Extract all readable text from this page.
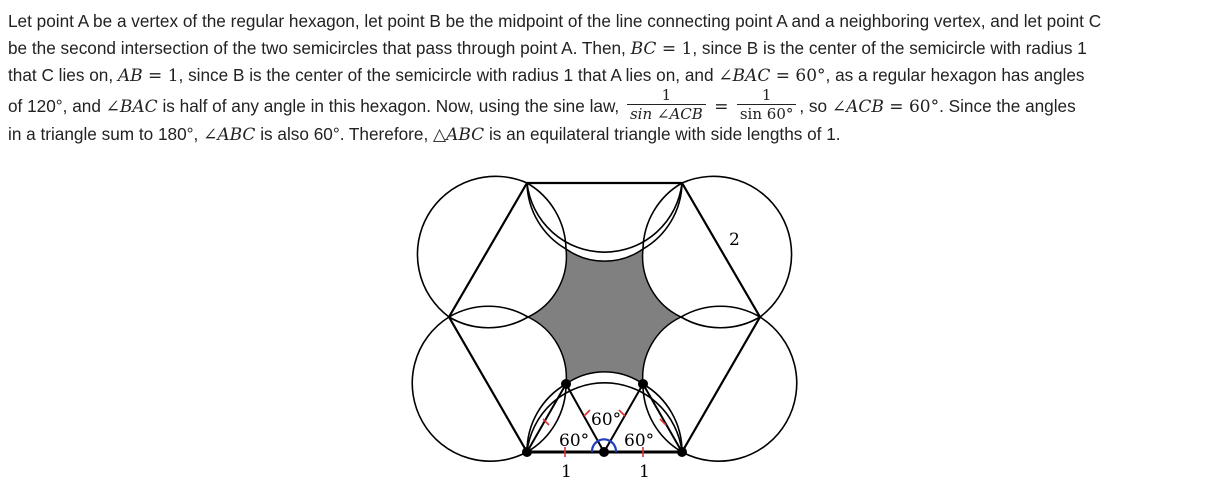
Let point A be a vertex of the regular hexagon, let point B be the midpoint of the line connecting point A and a neighboring vertex, and let point C
be the second intersection of the two semicircles that pass through point A. Then, BC = 1, since B is the center of the semicircle with radius 1
that C lies on, AB = 1, since B is the center of the semicircle with radius 1 that A lies on, and ∠BAC = 60°, as a regular hexagon has angles
of 120°, and ∠BAC is half of any angle in this hexagon. Now, using the sine law, $\frac{1}{\text{sin ∠ACB}} = \frac{1}{\sin 60^\circ}$ , so ∠ACB = 60°. Since the angles
in a triangle sum to 180°, ∠ABC is also 60°. Therefore, △ABC is an equilateral triangle with side lengths of 1.
2
60°
60° 60°
1	1
